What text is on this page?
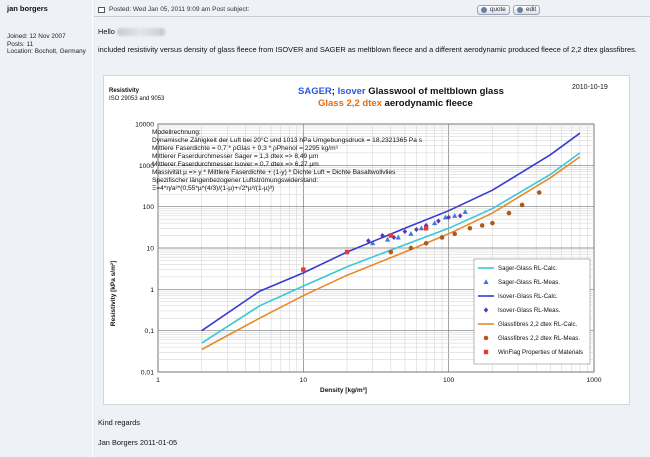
jan borgers
Joined: 12 Nov 2007
Posts: 11
Location: Bocholt, Germany
Posted: Wed Jan 05, 2011 9:09 am Post subject:	quote	edit
Hello
included resistivity versus density of glass fleece from ISOVER and SAGER as meltblown fleece and a different aerodynamic produced fleece of 2,2 dtex glassfibres.
SAGER; Isover Glasswool of meltblown glass
Glass 2,2 dtex aerodynamic fleece
2010-10-19
Resistivity
ISO 29053 and 9053
0,01
0,1
1
10
100
1000
10000
1	10	100	1000
Sager-Glass RL-Calc.
Sager-Glass RL-Meas.
Isover-Glass RL-Calc.
Isover-Glass RL-Meas.
Glassfibres 2,2 dtex RL-Calc.
Glassfibres 2,2 dtex RL-Meas.
WinFlag Properties of Materials
Density [kg/m³]
Resistivity [kPa s/m²]
Modellrechnung:
Dynamische Zähigkeit der Luft bei 20°C und 1013 hPa Umgebungsdruck = 18,2321365 Pa s
Mittlere Faserdichte = 0,7 * ρGlas + 0,3 * ρPhenol = 2295 kg/m³
Mittlerer Faserdurchmesser Sager = 1,3 dtex => 8,49 µm
Mittlerer Faserdurchmesser Isover = 0,7 dtex => 6,27 µm
Massivität µ => y * Mittlere Faserdichte + (1-y) * Dichte Luft = Dichte Basaltwollvlies
Spezifischer längenbezogener Luftströmungswiderstand:
Ξ=4*η/a²*(0,55*µ^(4/3)/(1-µ)+√2*µ²/(1-µ)³)
Kind regards
Jan Borgers 2011-01-05
